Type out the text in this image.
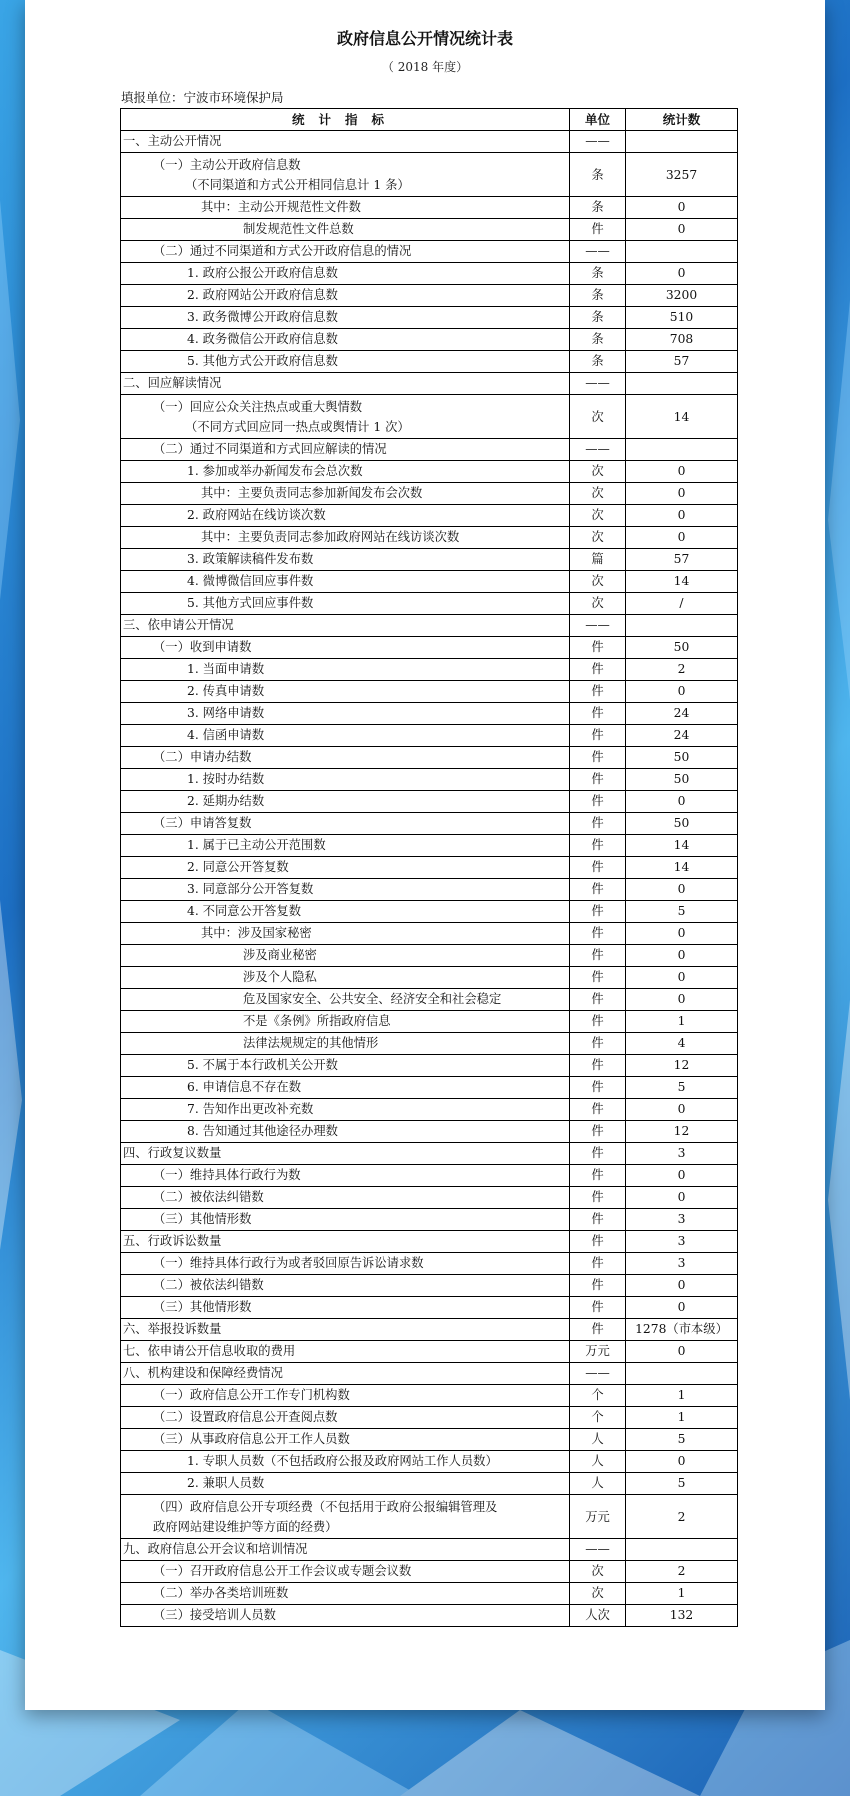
政府信息公开情况统计表
（ 2018 年度）
填报单位：宁波市环境保护局
统计指标	单位	统计数

一、主动公开情况	——	

（一）主动公开政府信息数
（不同渠道和方式公开相同信息计 1 条）	条	3257

其中：主动公开规范性文件数	条	0

制发规范性文件总数	件	0

（二）通过不同渠道和方式公开政府信息的情况	——	

1. 政府公报公开政府信息数	条	0

2. 政府网站公开政府信息数	条	3200

3. 政务微博公开政府信息数	条	510

4. 政务微信公开政府信息数	条	708

5. 其他方式公开政府信息数	条	57

二、回应解读情况	——	

（一）回应公众关注热点或重大舆情数
（不同方式回应同一热点或舆情计 1 次）	次	14

（二）通过不同渠道和方式回应解读的情况	——	

1. 参加或举办新闻发布会总次数	次	0

其中：主要负责同志参加新闻发布会次数	次	0

2. 政府网站在线访谈次数	次	0

其中：主要负责同志参加政府网站在线访谈次数	次	0

3. 政策解读稿件发布数	篇	57

4. 微博微信回应事件数	次	14

5. 其他方式回应事件数	次	/

三、依申请公开情况	——	

（一）收到申请数	件	50

1. 当面申请数	件	2

2. 传真申请数	件	0

3. 网络申请数	件	24

4. 信函申请数	件	24

（二）申请办结数	件	50

1. 按时办结数	件	50

2. 延期办结数	件	0

（三）申请答复数	件	50

1. 属于已主动公开范围数	件	14

2. 同意公开答复数	件	14

3. 同意部分公开答复数	件	0

4. 不同意公开答复数	件	5

其中：涉及国家秘密	件	0

涉及商业秘密	件	0

涉及个人隐私	件	0

危及国家安全、公共安全、经济安全和社会稳定	件	0

不是《条例》所指政府信息	件	1

法律法规规定的其他情形	件	4

5. 不属于本行政机关公开数	件	12

6. 申请信息不存在数	件	5

7. 告知作出更改补充数	件	0

8. 告知通过其他途径办理数	件	12

四、行政复议数量	件	3

（一）维持具体行政行为数	件	0

（二）被依法纠错数	件	0

（三）其他情形数	件	3

五、行政诉讼数量	件	3

（一）维持具体行政行为或者驳回原告诉讼请求数	件	3

（二）被依法纠错数	件	0

（三）其他情形数	件	0

六、举报投诉数量	件	1278（市本级）

七、依申请公开信息收取的费用	万元	0

八、机构建设和保障经费情况	——	

（一）政府信息公开工作专门机构数	个	1

（二）设置政府信息公开查阅点数	个	1

（三）从事政府信息公开工作人员数	人	5

1. 专职人员数（不包括政府公报及政府网站工作人员数）	人	0

2. 兼职人员数	人	5

（四）政府信息公开专项经费（不包括用于政府公报编辑管理及
政府网站建设维护等方面的经费）	万元	2

九、政府信息公开会议和培训情况	——	

（一）召开政府信息公开工作会议或专题会议数	次	2

（二）举办各类培训班数	次	1

（三）接受培训人员数	人次	132
